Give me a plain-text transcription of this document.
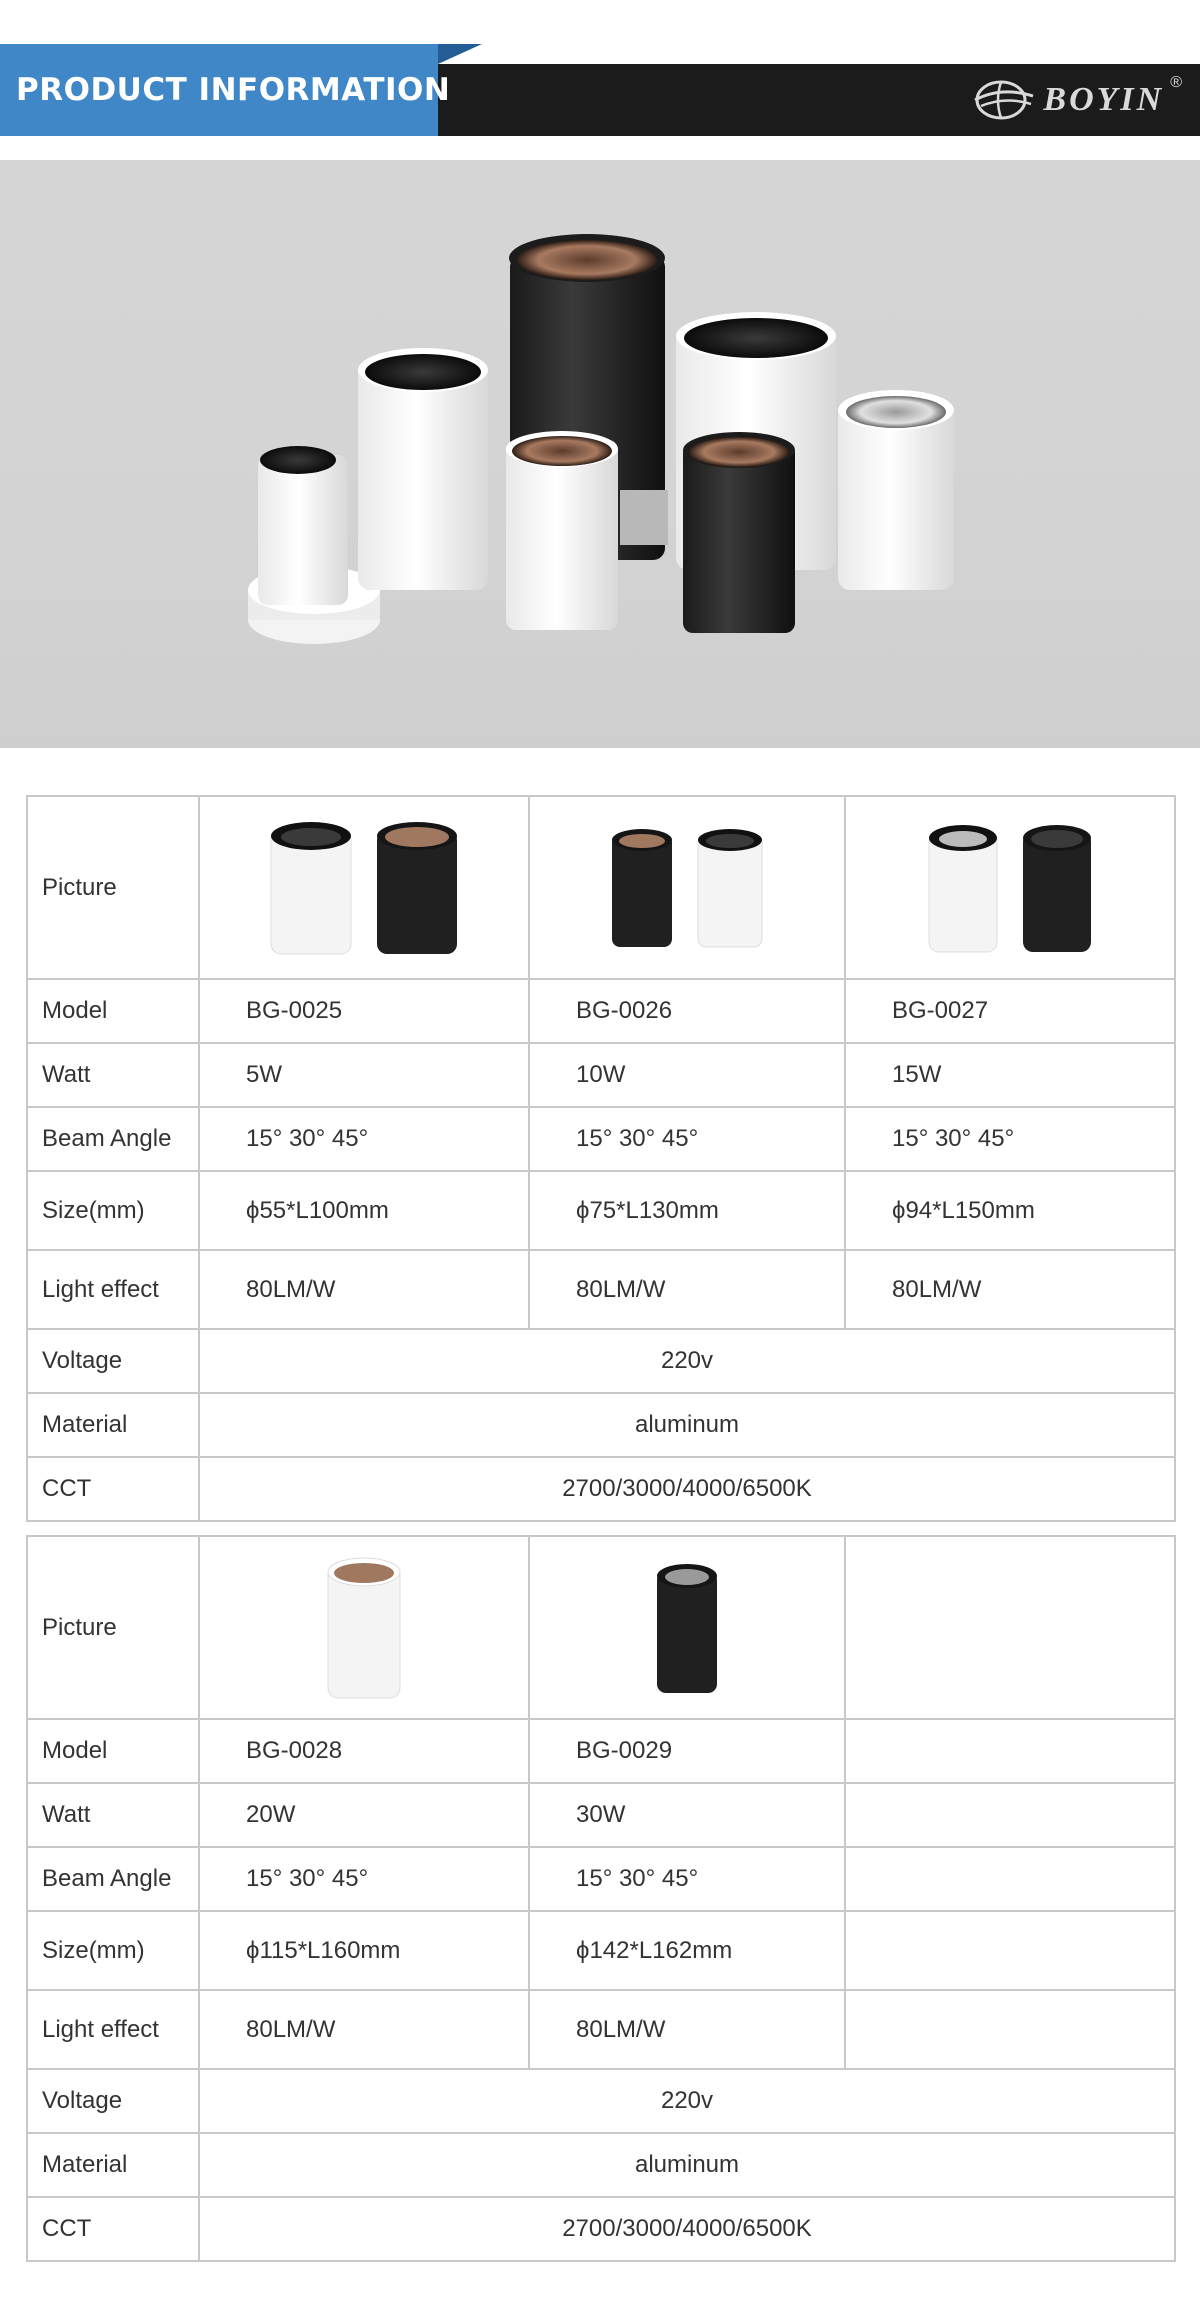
PRODUCT INFORMATION	BOYIN ®
Picture	

Model	BG-0025	BG-0026	BG-0027
Watt	5W	10W	15W
Beam Angle	15° 30° 45°	15° 30° 45°	15° 30° 45°
Size(mm)	ϕ55*L100mm	ϕ75*L130mm	ϕ94*L150mm
Light effect	80LM/W	80LM/W	80LM/W
Voltage	220v		
Material	aluminum		
CCT	2700/3000/4000/6500K		
Picture	

Model	BG-0028	BG-0029	
Watt	20W	30W	
Beam Angle	15° 30° 45°	15° 30° 45°	
Size(mm)	ϕ115*L160mm	ϕ142*L162mm	
Light effect	80LM/W	80LM/W	
Voltage	220v		
Material	aluminum		
CCT	2700/3000/4000/6500K		
